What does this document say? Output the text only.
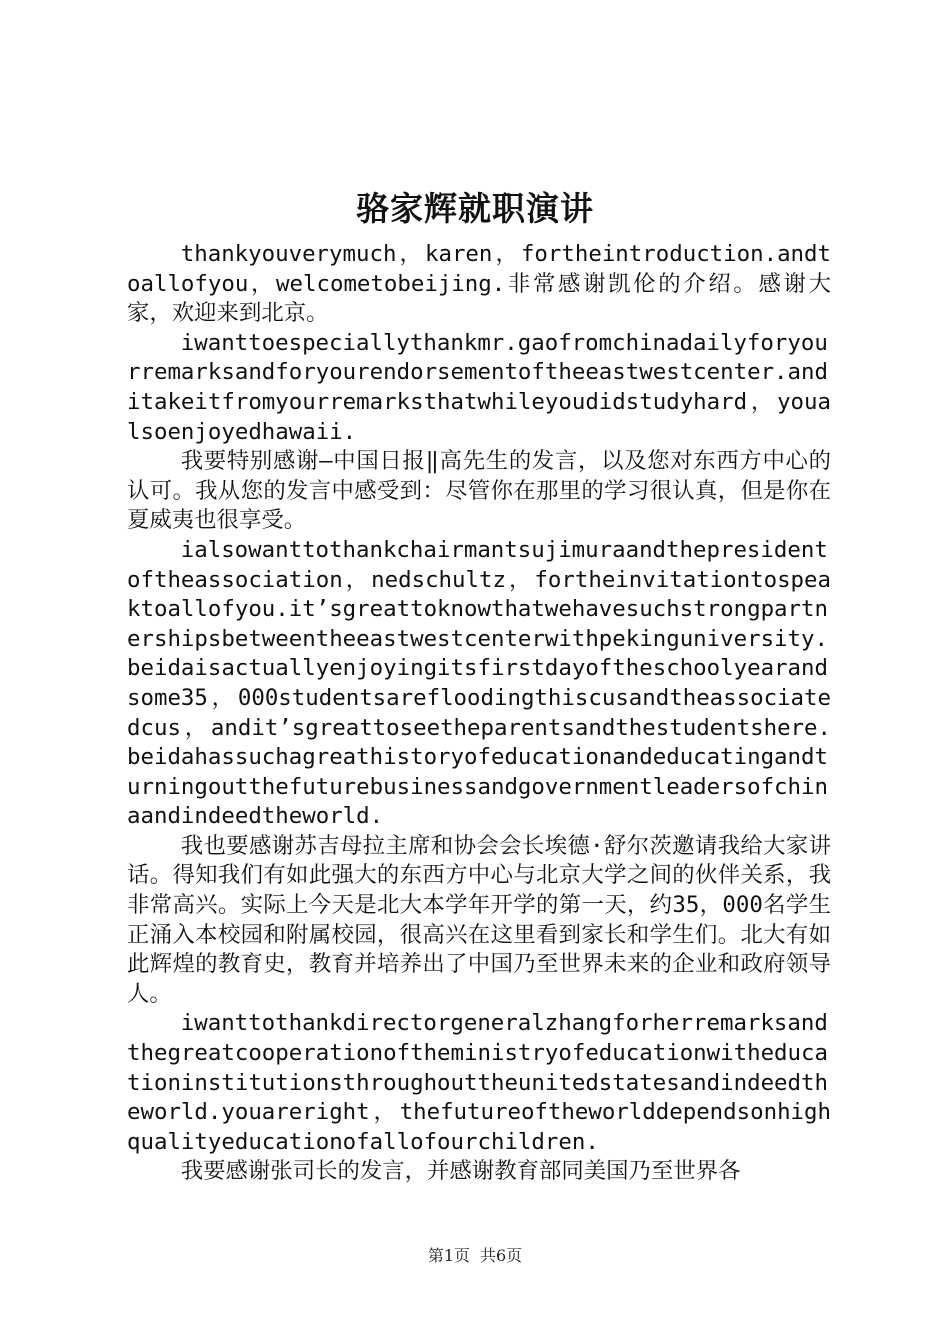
骆家辉就职演讲

thankyouverymuch，karen，fortheintroduction.andtoallofyou，welcometobeijing.非常感谢凯伦的介绍。感谢大家，欢迎来到北京。

iwanttoespeciallythankmr.gaofromchinadailyforyourremarksandforyourendorsementoftheeastwestcenter.anditakeitfromyourremarksthatwhileyoudidstudyhard，youalsoenjoyedhawaii.

我要特别感谢―中国日报‖高先生的发言，以及您对东西方中心的认可。我从您的发言中感受到：尽管你在那里的学习很认真，但是你在夏威夷也很享受。

ialsowanttothankchairmantsujimuraandthepresidentoftheassociation，nedschultz，fortheinvitationtospeaktoallofyou.it’sgreattoknowthatwehavesuchstrongpartnershipsbetweentheeastwestcenterwithpekinguniversity.beidaisactuallyenjoyingitsfirstdayoftheschoolyearandsome35，000studentsarefloodingthiscusandtheassociatedcus，andit’sgreattoseetheparentsandthestudentshere.beidahassuchagreathistoryofeducationandeducatingandturningoutthefuturebusinessandgovernmentleadersofchinaandindeedtheworld.

我也要感谢苏吉母拉主席和协会会长埃德·舒尔茨邀请我给大家讲话。得知我们有如此强大的东西方中心与北京大学之间的伙伴关系，我非常高兴。实际上今天是北大本学年开学的第一天，约35，000名学生正涌入本校园和附属校园，很高兴在这里看到家长和学生们。北大有如此辉煌的教育史，教育并培养出了中国乃至世界未来的企业和政府领导人。

iwanttothankdirectorgeneralzhangforherremarksandthegreatcooperationoftheministryofeducationwitheducationinstitutionsthroughouttheunitedstatesandindeedtheworld.youareright，thefutureoftheworlddependsonhighqualityeducationofallofourchildren.

我要感谢张司长的发言，并感谢教育部同美国乃至世界各

第1页 共6页
